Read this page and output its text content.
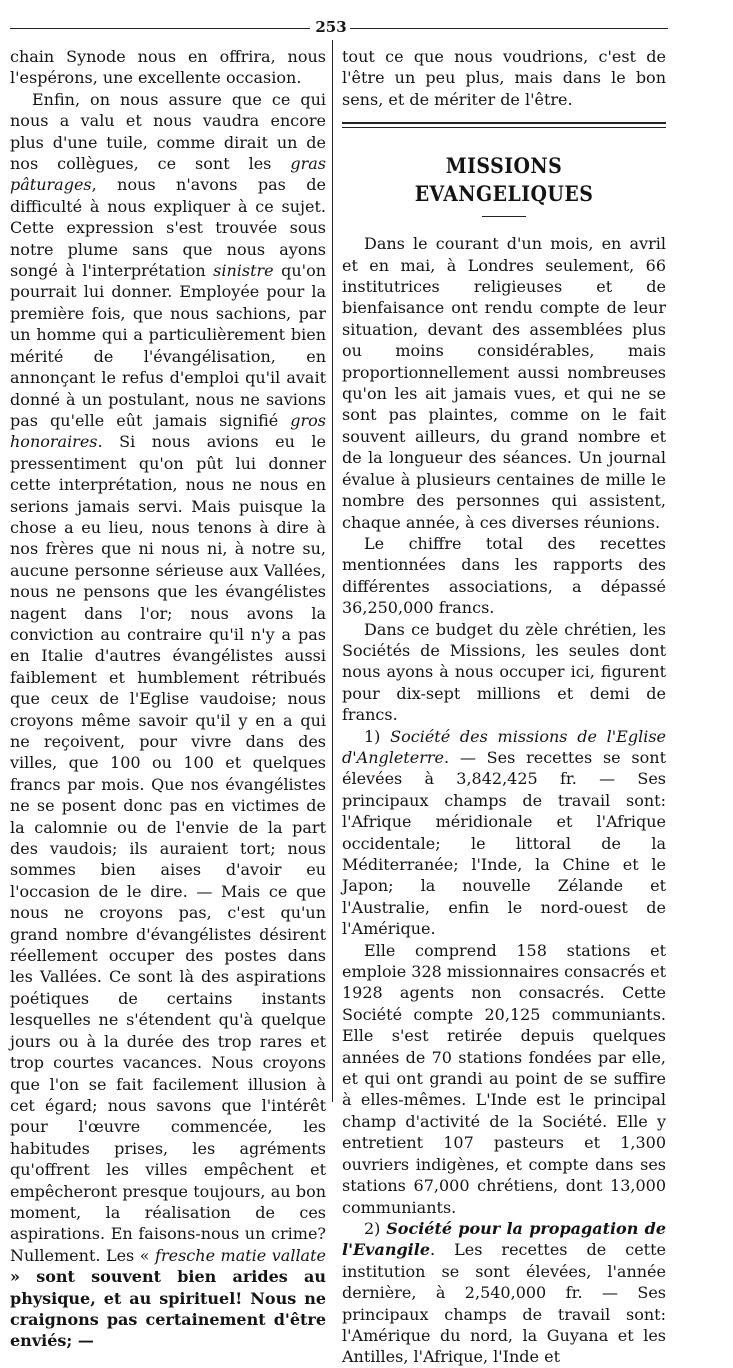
253

chain Synode nous en offrira, nous l'espérons, une excellente occasion.

Enfin, on nous assure que ce qui nous a valu et nous vaudra encore plus d'une tuile, comme dirait un de nos collègues, ce sont les gras pâturages, nous n'avons pas de difficulté à nous expliquer à ce sujet. Cette expression s'est trouvée sous notre plume sans que nous ayons songé à l'interprétation sinistre qu'on pourrait lui donner. Employée pour la première fois, que nous sachions, par un homme qui a particulièrement bien mérité de l'évangélisation, en annonçant le refus d'emploi qu'il avait donné à un postulant, nous ne savions pas qu'elle eût jamais signifié gros honoraires. Si nous avions eu le pressentiment qu'on pût lui donner cette interprétation, nous ne nous en serions jamais servi. Mais puisque la chose a eu lieu, nous tenons à dire à nos frères que ni nous ni, à notre su, aucune personne sérieuse aux Vallées, nous ne pensons que les évangélistes nagent dans l'or; nous avons la conviction au contraire qu'il n'y a pas en Italie d'autres évangélistes aussi faiblement et humblement rétribués que ceux de l'Eglise vaudoise; nous croyons même savoir qu'il y en a qui ne reçoivent, pour vivre dans des villes, que 100 ou 100 et quelques francs par mois. Que nos évangélistes ne se posent donc pas en victimes de la calomnie ou de l'envie de la part des vaudois; ils auraient tort; nous sommes bien aises d'avoir eu l'occasion de le dire. — Mais ce que nous ne croyons pas, c'est qu'un grand nombre d'évangélistes désirent réellement occuper des postes dans les Vallées. Ce sont là des aspirations poétiques de certains instants lesquelles ne s'étendent qu'à quelque jours ou à la durée des trop rares et trop courtes vacances. Nous croyons que l'on se fait facilement illusion à cet égard; nous savons que l'intérêt pour l'œuvre commencée, les habitudes prises, les agréments qu'offrent les villes empêchent et empêcheront presque toujours, au bon moment, la réalisation de ces aspirations. En faisons-nous un crime? Nullement. Les « fresche matie vallate » sont souvent bien arides au physique, et au spirituel! Nous ne craignons pas certainement d'être enviés; —

tout ce que nous voudrions, c'est de l'être un peu plus, mais dans le bon sens, et de mériter de l'être.

MISSIONS EVANGELIQUES

Dans le courant d'un mois, en avril et en mai, à Londres seulement, 66 institutrices religieuses et de bienfaisance ont rendu compte de leur situation, devant des assemblées plus ou moins considérables, mais proportionnellement aussi nombreuses qu'on les ait jamais vues, et qui ne se sont pas plaintes, comme on le fait souvent ailleurs, du grand nombre et de la longueur des séances. Un journal évalue à plusieurs centaines de mille le nombre des personnes qui assistent, chaque année, à ces diverses réunions.

Le chiffre total des recettes mentionnées dans les rapports des différentes associations, a dépassé 36,250,000 francs.

Dans ce budget du zèle chrétien, les Sociétés de Missions, les seules dont nous ayons à nous occuper ici, figurent pour dix-sept millions et demi de francs.

1) Société des missions de l'Eglise d'Angleterre. — Ses recettes se sont élevées à 3,842,425 fr. — Ses principaux champs de travail sont: l'Afrique méridionale et l'Afrique occidentale; le littoral de la Méditerranée; l'Inde, la Chine et le Japon; la nouvelle Zélande et l'Australie, enfin le nord-ouest de l'Amérique.

Elle comprend 158 stations et emploie 328 missionnaires consacrés et 1928 agents non consacrés. Cette Société compte 20,125 communiants. Elle s'est retirée depuis quelques années de 70 stations fondées par elle, et qui ont grandi au point de se suffire à elles-mêmes. L'Inde est le principal champ d'activité de la Société. Elle y entretient 107 pasteurs et 1,300 ouvriers indigènes, et compte dans ses stations 67,000 chrétiens, dont 13,000 communiants.

2) Société pour la propagation de l'Evangile. Les recettes de cette institution se sont élevées, l'année dernière, à 2,540,000 fr. — Ses principaux champs de travail sont: l'Amérique du nord, la Guyana et les Antilles, l'Afrique, l'Inde et
